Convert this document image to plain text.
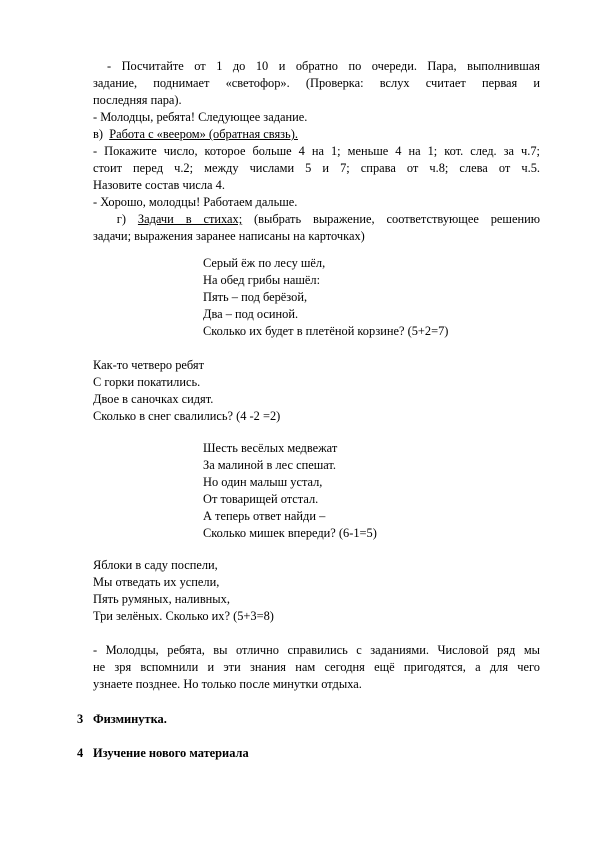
- Посчитайте от 1 до 10 и обратно по очереди. Пара, выполнившая
задание, поднимает «светофор». (Проверка: вслух считает первая и
последняя пара).
- Молодцы, ребята! Следующее задание.
в) Работа с «веером» (обратная связь).
- Покажите число, которое больше 4 на 1; меньше 4 на 1; кот. след. за ч.7;
стоит перед ч.2; между числами 5 и 7; справа от ч.8; слева от ч.5.
Назовите состав числа 4.
- Хорошо, молодцы! Работаем дальше.
г) Задачи в стихах; (выбрать выражение, соответствующее решению
задачи; выражения заранее написаны на карточках)
Серый ёж по лесу шёл,
На обед грибы нашёл:
Пять – под берёзой,
Два – под осиной.
Сколько их будет в плетёной корзине? (5+2=7)
Как-то четверо ребят
С горки покатились.
Двое в саночках сидят.
Сколько в снег свалились? (4 -2 =2)
Шесть весёлых медвежат
За малиной в лес спешат.
Но один малыш устал,
От товарищей отстал.
А теперь ответ найди –
Сколько мишек впереди? (6-1=5)
Яблоки в саду поспели,
Мы отведать их успели,
Пять румяных, наливных,
Три зелёных. Сколько их? (5+3=8)
- Молодцы, ребята, вы отлично справились с заданиями. Числовой ряд мы
не зря вспомнили и эти знания нам сегодня ещё пригодятся, а для чего
узнаете позднее. Но только после минутки отдыха.
3 Физминутка.
4 Изучение нового материала
